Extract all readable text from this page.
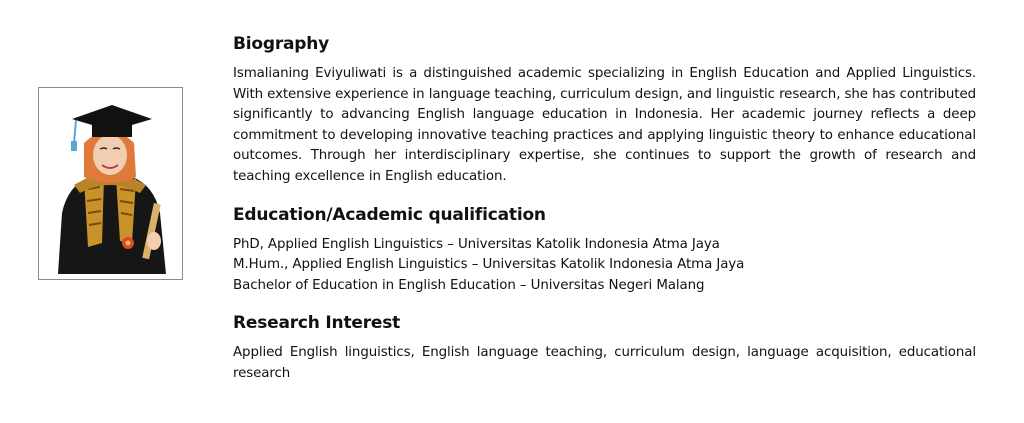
Biography

Ismalianing Eviyuliwati is a distinguished academic specializing in English Education and Applied Linguistics. With extensive experience in language teaching, curriculum design, and linguistic research, she has contributed significantly to advancing English language education in Indonesia. Her academic journey reflects a deep commitment to developing innovative teaching practices and applying linguistic theory to enhance educational outcomes. Through her interdisciplinary expertise, she continues to support the growth of research and teaching excellence in English education.

Education/Academic qualification
PhD, Applied English Linguistics – Universitas Katolik Indonesia Atma Jaya
M.Hum., Applied English Linguistics – Universitas Katolik Indonesia Atma Jaya
Bachelor of Education in English Education – Universitas Negeri Malang
Research Interest

Applied English linguistics, English language teaching, curriculum design, language acquisition, educational research
